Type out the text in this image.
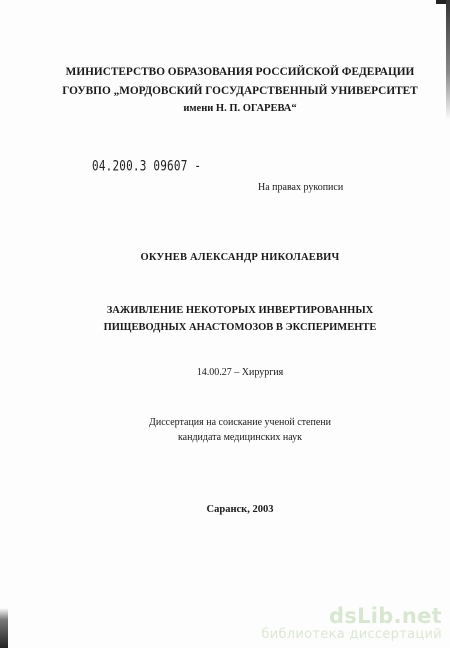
МИНИСТЕРСТВО ОБРАЗОВАНИЯ РОССИЙСКОЙ ФЕДЕРАЦИИ
ГОУВПО „МОРДОВСКИЙ ГОСУДАРСТВЕННЫЙ УНИВЕРСИТЕТ
имени Н. П. ОГАРЕВА“
04.200.3 09607 -
На правах рукописи
ОКУНЕВ АЛЕКСАНДР НИКОЛАЕВИЧ
ЗАЖИВЛЕНИЕ НЕКОТОРЫХ ИНВЕРТИРОВАННЫХ
ПИЩЕВОДНЫХ АНАСТОМОЗОВ В ЭКСПЕРИМЕНТЕ
14.00.27 – Хирургия
Диссертация на соискание ученой степени
кандидата медицинских наук
Саранск, 2003
dsLib.net
библиотека диссертаций
